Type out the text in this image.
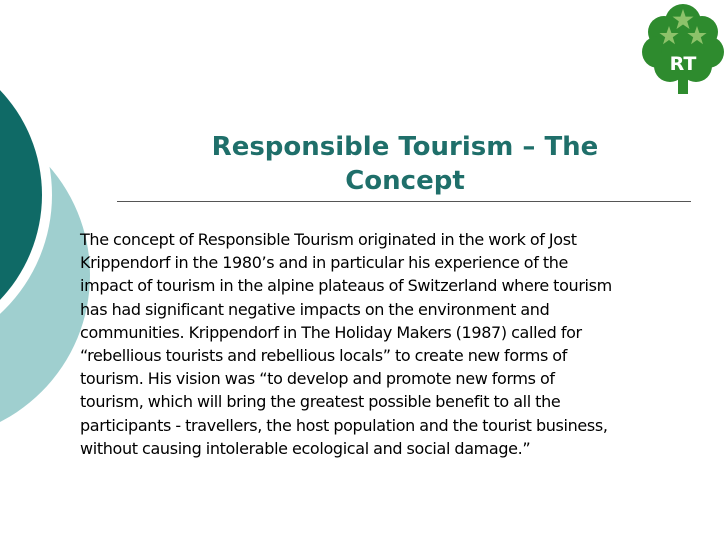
RT
Responsible Tourism – The
Concept

The concept of Responsible Tourism originated in the work of Jost
Krippendorf in the 1980’s and in particular his experience of the
impact of tourism in the alpine plateaus of Switzerland where tourism
has had significant negative impacts on the environment and
communities. Krippendorf in The Holiday Makers (1987) called for
“rebellious tourists and rebellious locals” to create new forms of
tourism. His vision was “to develop and promote new forms of
tourism, which will bring the greatest possible benefit to all the
participants - travellers, the host population and the tourist business,
without causing intolerable ecological and social damage.”
